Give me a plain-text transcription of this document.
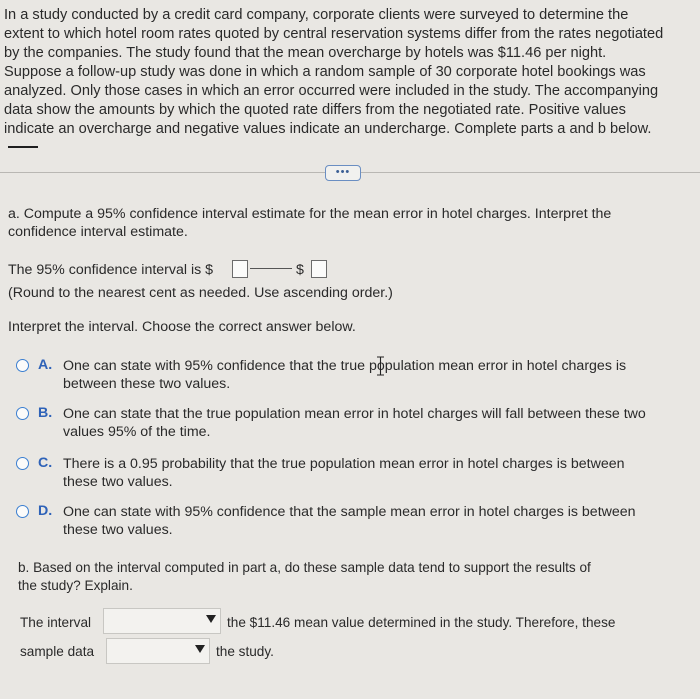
In a study conducted by a credit card company, corporate clients were surveyed to determine the
extent to which hotel room rates quoted by central reservation systems differ from the rates negotiated
by the companies. The study found that the mean overcharge by hotels was $11.46 per night.
Suppose a follow-up study was done in which a random sample of 30 corporate hotel bookings was
analyzed. Only those cases in which an error occurred were included in the study. The accompanying
data show the amounts by which the quoted rate differs from the negotiated rate. Positive values
indicate an overcharge and negative values indicate an undercharge. Complete parts a and b below.
•••
a. Compute a 95% confidence interval estimate for the mean error in hotel charges. Interpret the
confidence interval estimate.
The 95% confidence interval is $	$
(Round to the nearest cent as needed. Use ascending order.)
Interpret the interval. Choose the correct answer below.
A. One can state with 95% confidence that the true population mean error in hotel charges is
between these two values.
B. One can state that the true population mean error in hotel charges will fall between these two
values 95% of the time.
C. There is a 0.95 probability that the true population mean error in hotel charges is between
these two values.
D. One can state with 95% confidence that the sample mean error in hotel charges is between
these two values.
b. Based on the interval computed in part a, do these sample data tend to support the results of
the study? Explain.
The interval	the $11.46 mean value determined in the study. Therefore, these
sample data	the study.
